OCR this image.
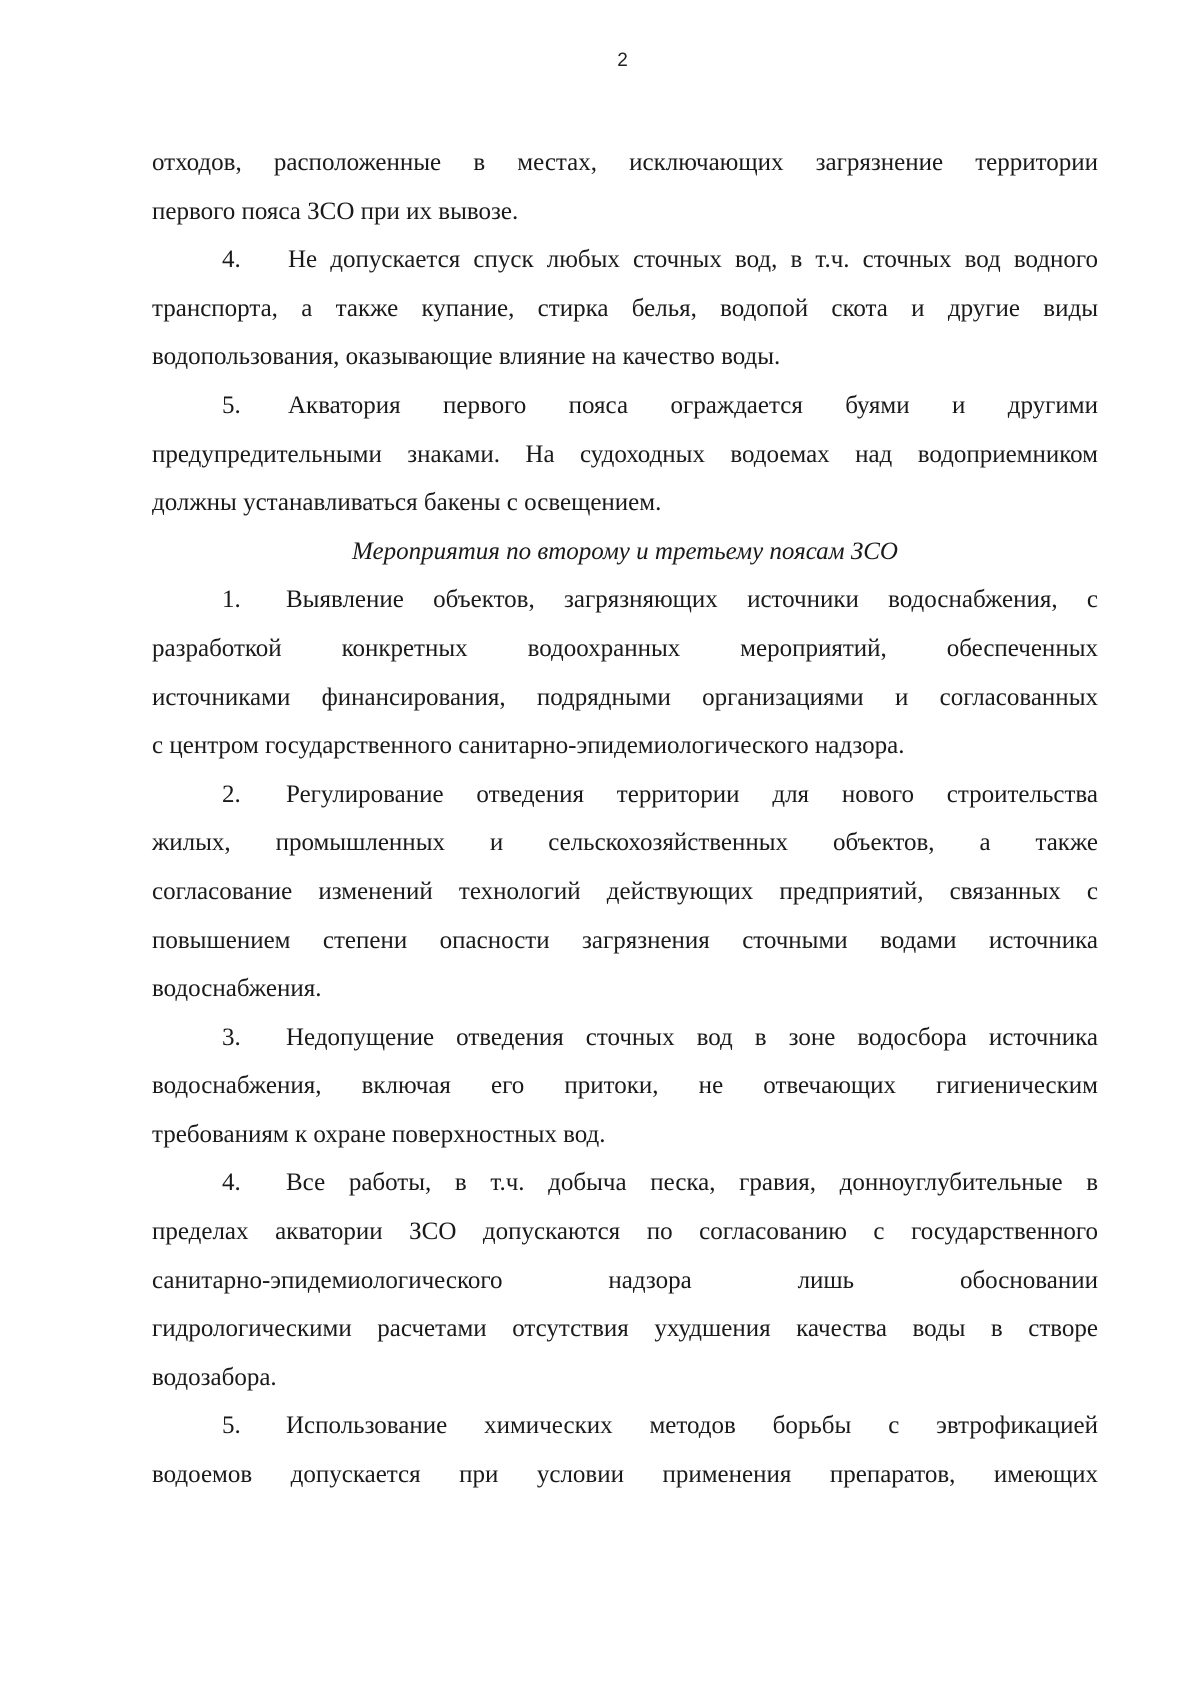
2
отходов, расположенные в местах, исключающих загрязнение территории
первого пояса ЗСО при их вывозе.
4. Не допускается спуск любых сточных вод, в т.ч. сточных вод водного
транспорта, а также купание, стирка белья, водопой скота и другие виды
водопользования, оказывающие влияние на качество воды.
5. Акватория первого пояса ограждается буями и другими
предупредительными знаками. На судоходных водоемах над водоприемником
должны устанавливаться бакены с освещением.
Мероприятия по второму и третьему поясам ЗСО
1. Выявление объектов, загрязняющих источники водоснабжения, с
разработкой конкретных водоохранных мероприятий, обеспеченных
источниками финансирования, подрядными организациями и согласованных
с центром государственного санитарно-эпидемиологического надзора.
2. Регулирование отведения территории для нового строительства
жилых, промышленных и сельскохозяйственных объектов, а также
согласование изменений технологий действующих предприятий, связанных с
повышением степени опасности загрязнения сточными водами источника
водоснабжения.
3. Недопущение отведения сточных вод в зоне водосбора источника
водоснабжения, включая его притоки, не отвечающих гигиеническим
требованиям к охране поверхностных вод.
4. Все работы, в т.ч. добыча песка, гравия, донноуглубительные в
пределах акватории ЗСО допускаются по согласованию с государственного
санитарно-эпидемиологического надзора лишь обосновании
гидрологическими расчетами отсутствия ухудшения качества воды в створе
водозабора.
5. Использование химических методов борьбы с эвтрофикацией
водоемов допускается при условии применения препаратов, имеющих
